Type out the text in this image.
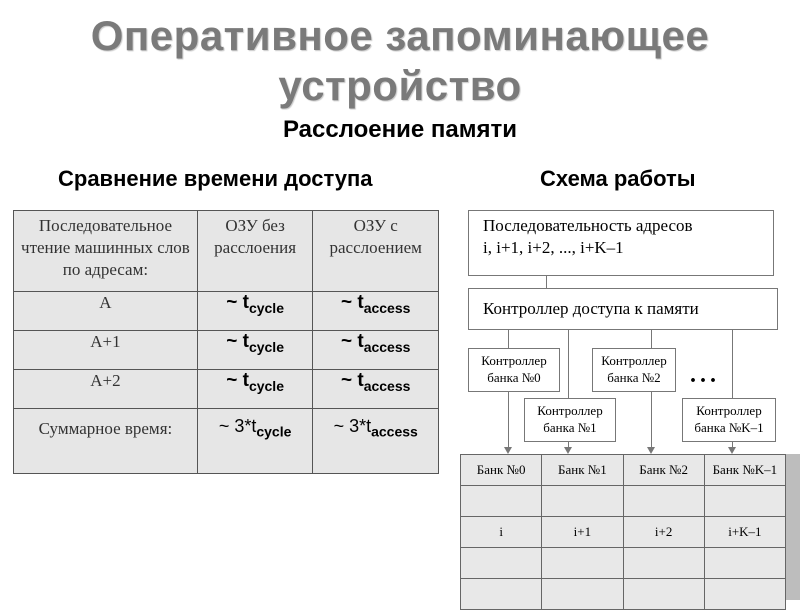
Оперативное запоминающее
устройство
Расслоение памяти
Сравнение времени доступа	Схема работы
Последовательное чтение машинных слов по адресам:	ОЗУ без расслоения	ОЗУ с расслоением
A	~ $t_{cycle}$	~ $t_{access}$
A+1	~ $t_{cycle}$	~ $t_{access}$
A+2	~ $t_{cycle}$	~ $t_{access}$
Суммарное время:	~ $3*t_{cycle}$	~ $3*t_{access}$
Последовательность адресов
i, i+1, i+2, ..., i+K–1
Контроллер доступа к памяти
Контроллер
банка №0
Контроллер
банка №2	...
Контроллер
банка №1
Контроллер
банка №K–1
Банк №0	Банк №1	Банк №2	Банк №K–1

i	i+1	i+2	i+K–1
